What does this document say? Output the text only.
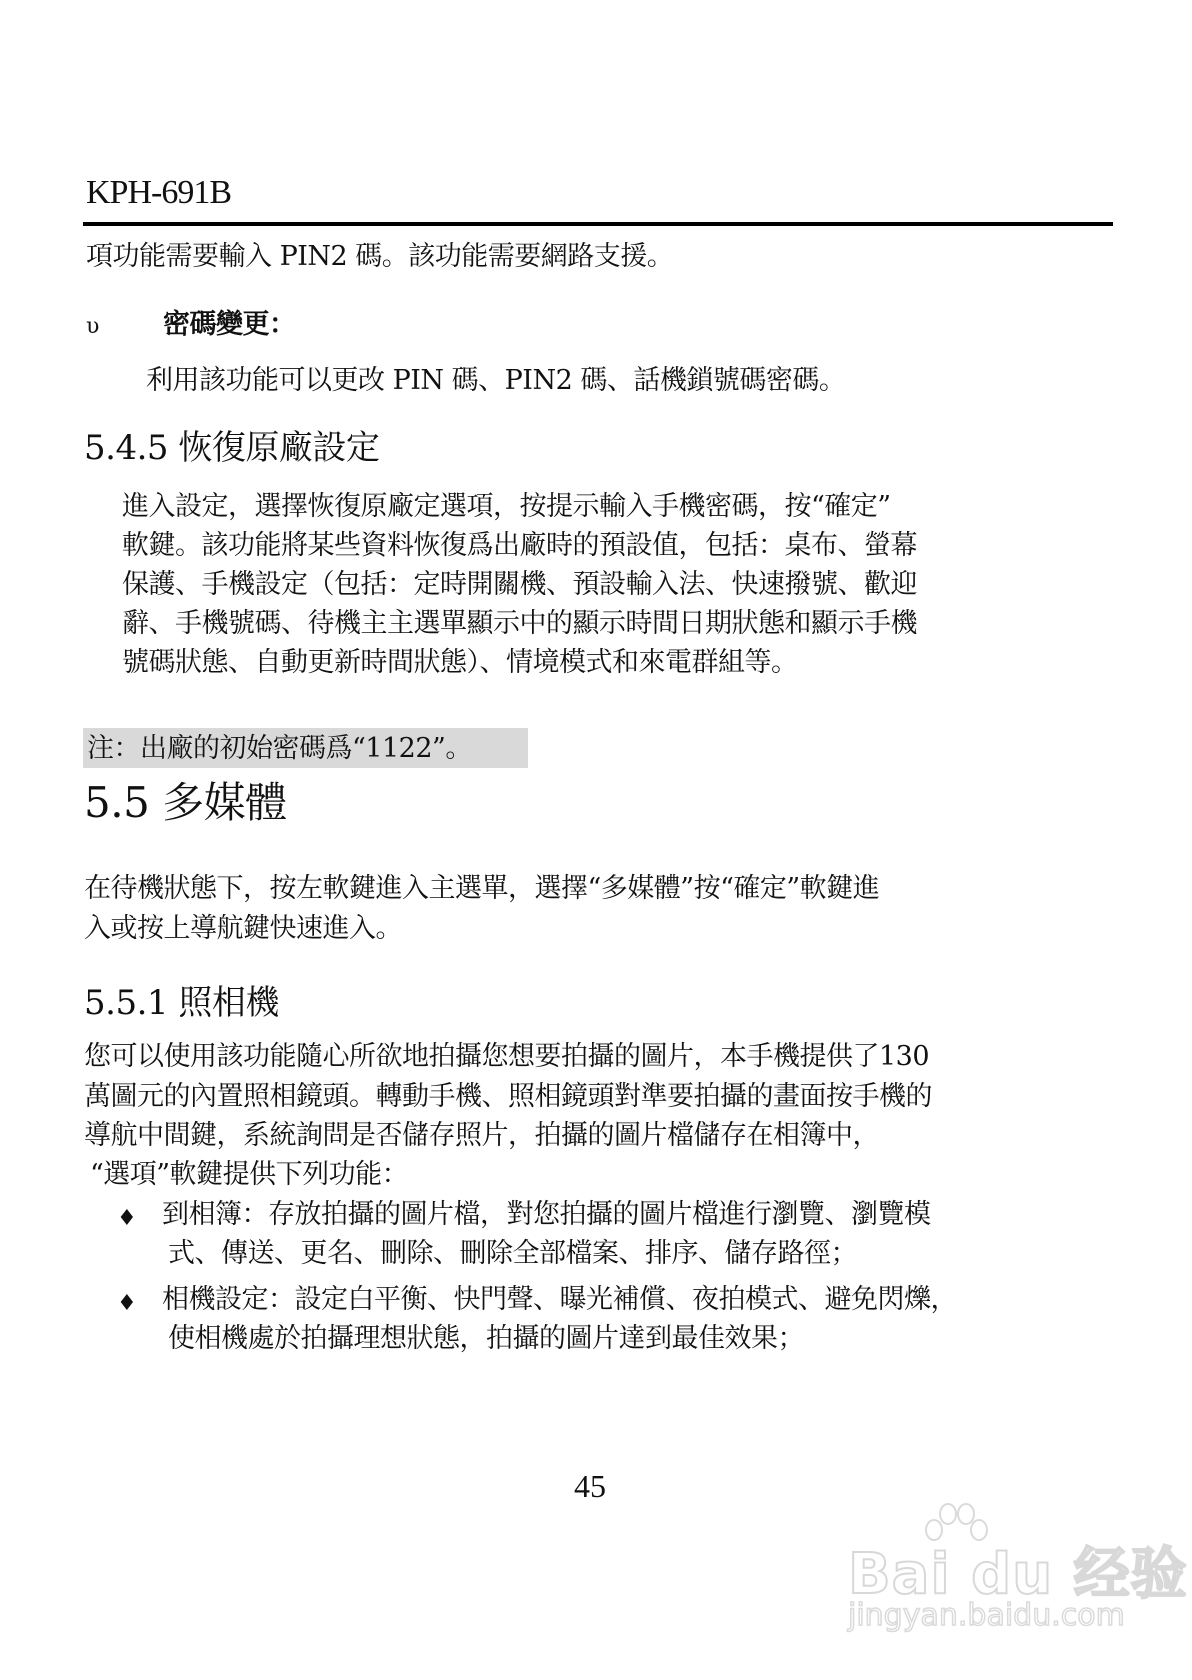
KPH-691B
項功能需要輸入 PIN2 碼。該功能需要網路支援。
υ 密碼變更：
利用該功能可以更改 PIN 碼、PIN2 碼、話機鎖號碼密碼。
5.4.5 恢復原廠設定
進入設定，選擇恢復原廠定選項，按提示輸入手機密碼，按“確定”
軟鍵。該功能將某些資料恢復爲出廠時的預設值，包括：桌布、螢幕
保護、手機設定（包括：定時開關機、預設輸入法、快速撥號、歡迎
辭、手機號碼、待機主主選單顯示中的顯示時間日期狀態和顯示手機
號碼狀態、自動更新時間狀態）、情境模式和來電群組等。
注：出廠的初始密碼爲“1122”。
5.5 多媒體
在待機狀態下，按左軟鍵進入主選單，選擇“多媒體”按“確定”軟鍵進
入或按上導航鍵快速進入。
5.5.1 照相機
您可以使用該功能隨心所欲地拍攝您想要拍攝的圖片，本手機提供了130
萬圖元的內置照相鏡頭。轉動手機、照相鏡頭對準要拍攝的畫面按手機的
導航中間鍵，系統詢問是否儲存照片，拍攝的圖片檔儲存在相簿中，
“選項”軟鍵提供下列功能：
♦ 到相簿：存放拍攝的圖片檔，對您拍攝的圖片檔進行瀏覽、瀏覽模
式、傳送、更名、刪除、刪除全部檔案、排序、儲存路徑；
♦ 相機設定：設定白平衡、快門聲、曝光補償、夜拍模式、避免閃爍，
使相機處於拍攝理想狀態，拍攝的圖片達到最佳效果；
45
Bai du 经验
jingyan.baidu.com
